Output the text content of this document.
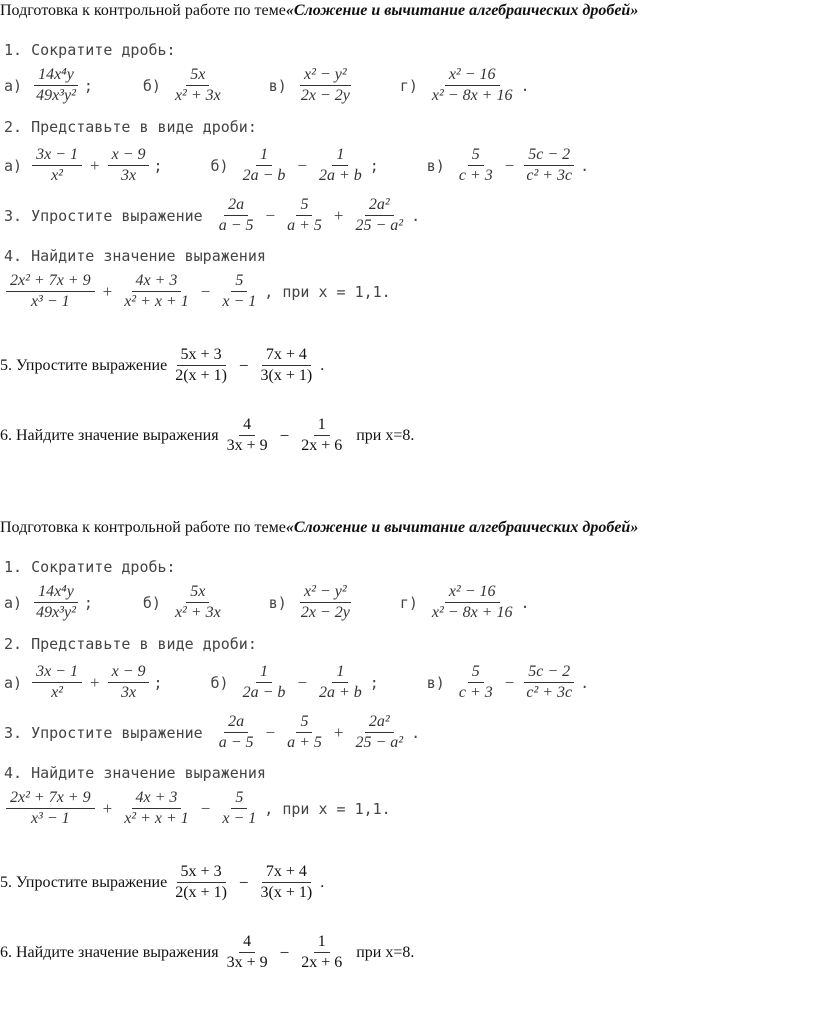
Подготовка к контрольной работе по теме «Сложение и вычитание алгебраических дробей»
1. Сократите дробь:
$а) \frac{\text{14x⁴y}}{\text{49x³y²}}$ ;	$б) \frac{5x}{\text{x² + 3x}}$	$в) \frac{\text{x² − y²}}{2x - 2y}$	$г) \frac{\text{x² − 16}}{\text{x² − 8x + 16}}$ .
2. Представьте в виде дроби:
$а) \frac{3x - 1}{\text{x²}} + \frac{x - 9}{3x}$ ;	$б) \frac{1}{2a - b} - \frac{1}{2a + b}$ ;	$в) \frac{5}{c + 3} - \frac{5c - 2}{\text{c² + 3c}}$ .
3. Упростите выражение $\frac{2a}{a - 5} - \frac{5}{a + 5} + \frac{\text{2a²}}{\text{25 − a²}}$ .
4. Найдите значение выражения
$\frac{\text{2x² + 7x + 9}}{\text{x³ − 1}} + \frac{4x + 3}{\text{x² + x + 1}} - \frac{5}{x - 1}$ , при x = 1,1.
5. Упростите выражение $\frac{5x + 3}{2(x + 1)} - \frac{7x + 4}{3(x + 1)}$ .
6. Найдите значение выражения $\frac{4}{3x + 9} - \frac{1}{2x + 6}$ при x=8.
Подготовка к контрольной работе по теме «Сложение и вычитание алгебраических дробей»
1. Сократите дробь:
$а) \frac{\text{14x⁴y}}{\text{49x³y²}}$ ;	$б) \frac{5x}{\text{x² + 3x}}$	$в) \frac{\text{x² − y²}}{2x - 2y}$	$г) \frac{\text{x² − 16}}{\text{x² − 8x + 16}}$ .
2. Представьте в виде дроби:
$а) \frac{3x - 1}{\text{x²}} + \frac{x - 9}{3x}$ ;	$б) \frac{1}{2a - b} - \frac{1}{2a + b}$ ;	$в) \frac{5}{c + 3} - \frac{5c - 2}{\text{c² + 3c}}$ .
3. Упростите выражение $\frac{2a}{a - 5} - \frac{5}{a + 5} + \frac{\text{2a²}}{\text{25 − a²}}$ .
4. Найдите значение выражения
$\frac{\text{2x² + 7x + 9}}{\text{x³ − 1}} + \frac{4x + 3}{\text{x² + x + 1}} - \frac{5}{x - 1}$ , при x = 1,1.
5. Упростите выражение $\frac{5x + 3}{2(x + 1)} - \frac{7x + 4}{3(x + 1)}$ .
6. Найдите значение выражения $\frac{4}{3x + 9} - \frac{1}{2x + 6}$ при x=8.
